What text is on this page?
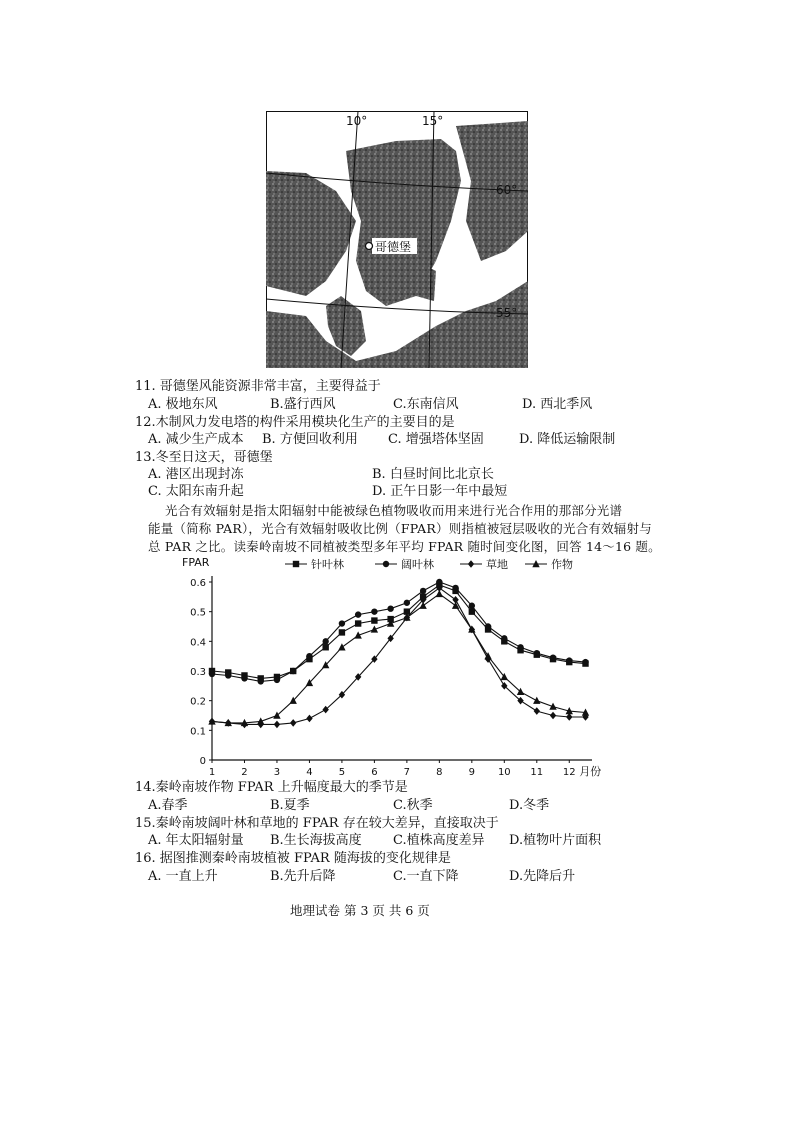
10°	15°
60°
55°
哥德堡
11. 哥德堡风能资源非常丰富，主要得益于
A. 极地东风	B.盛行西风	C.东南信风	D. 西北季风
12.木制风力发电塔的构件采用模块化生产的主要目的是
A. 减少生产成本 B. 方便回收利用 C. 增强塔体坚固	D. 降低运输限制
13.冬至日这天，哥德堡
A. 港区出现封冻	B. 白昼时间比北京长
C. 太阳东南升起	D. 正午日影一年中最短
光合有效辐射是指太阳辐射中能被绿色植物吸收而用来进行光合作用的那部分光谱
能量（简称 PAR），光合有效辐射吸收比例（FPAR）则指植被冠层吸收的光合有效辐射与
总 PAR 之比。读秦岭南坡不同植被类型多年平均 FPAR 随时间变化图，回答 14～16 题。
FPAR
0
0.1
0.2
0.3
0.4
0.5
0.6
1	2	3	4	5	6	7	8	9 10 11 12 月份
针叶林	阔叶林	草地	作物
14.秦岭南坡作物 FPAR 上升幅度最大的季节是
A.春季	B.夏季	C.秋季	D.冬季
15.秦岭南坡阔叶林和草地的 FPAR 存在较大差异，直接取决于
A. 年太阳辐射量 B.生长海拔高度 C.植株高度差异 D.植物叶片面积
16. 据图推测秦岭南坡植被 FPAR 随海拔的变化规律是
A. 一直上升	B.先升后降	C.一直下降	D.先降后升
地理试卷 第 3 页 共 6 页
